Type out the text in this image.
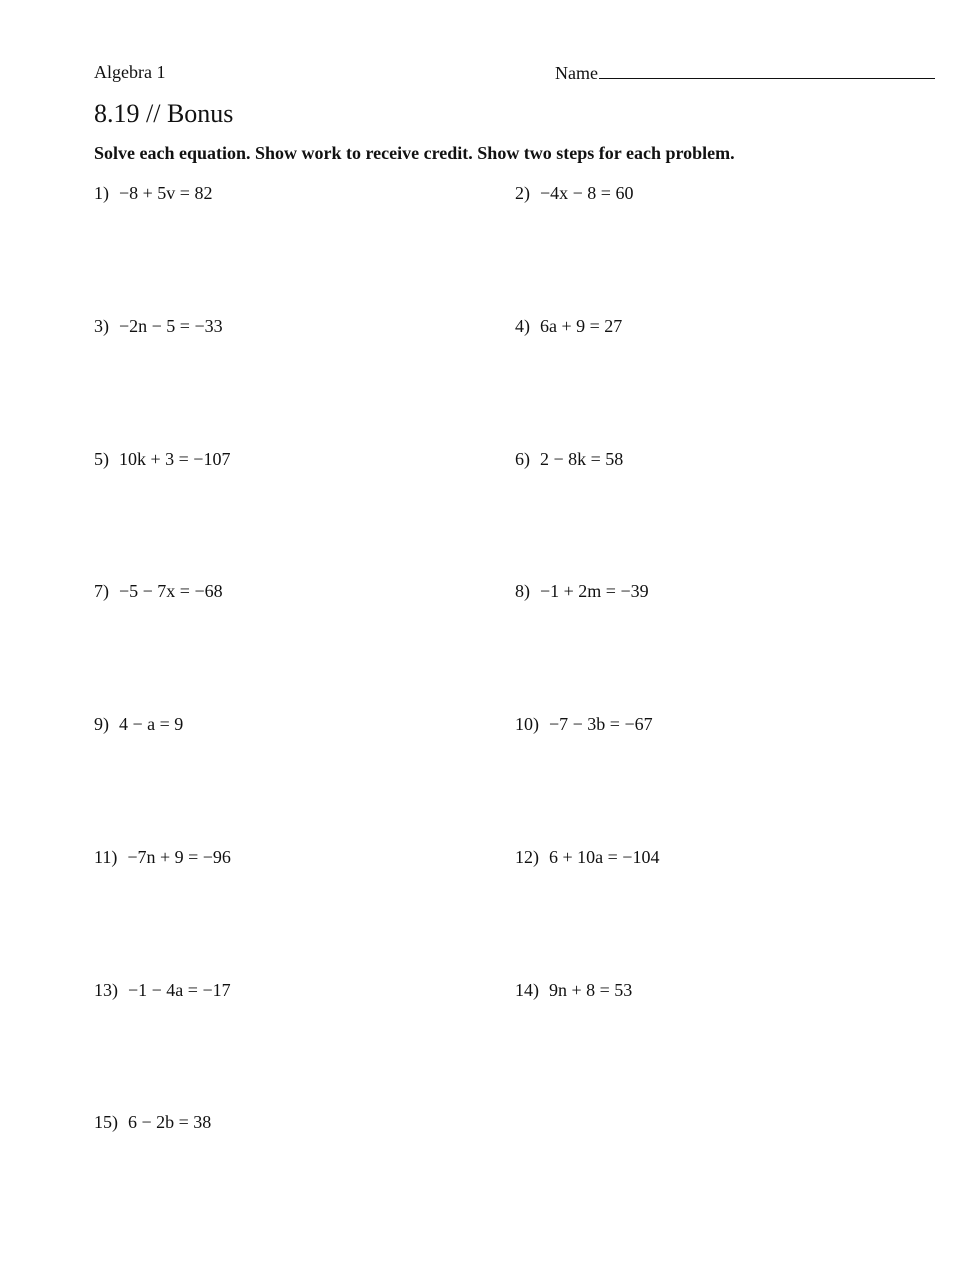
Algebra 1	Name
8.19 // Bonus
Solve each equation. Show work to receive credit. Show two steps for each problem.
1) −8 + 5v = 82	2) −4x − 8 = 60
3) −2n − 5 = −33	4) 6a + 9 = 27
5) 10k + 3 = −107	6) 2 − 8k = 58
7) −5 − 7x = −68	8) −1 + 2m = −39
9) 4 − a = 9	10) −7 − 3b = −67
11) −7n + 9 = −96	12) 6 + 10a = −104
13) −1 − 4a = −17	14) 9n + 8 = 53
15) 6 − 2b = 38
